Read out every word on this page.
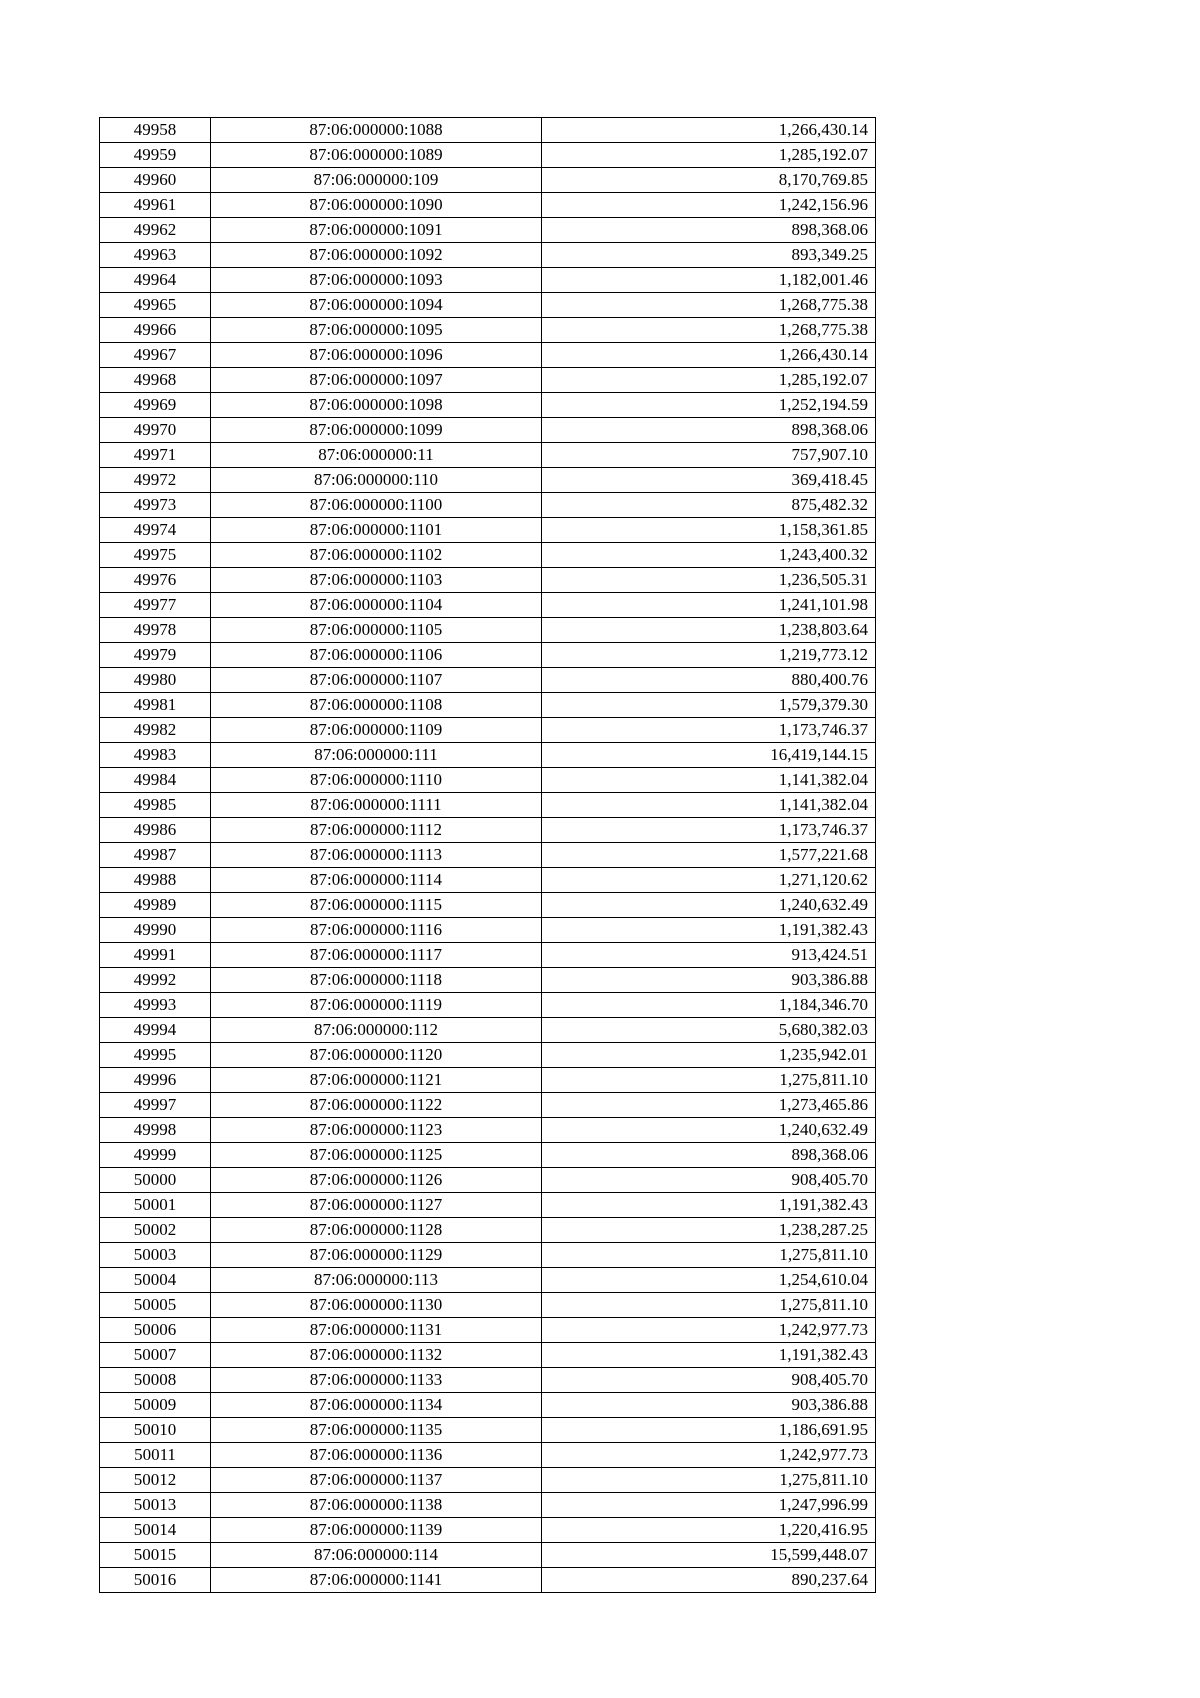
49958	87:06:000000:1088	1,266,430.14
49959	87:06:000000:1089	1,285,192.07
49960	87:06:000000:109	8,170,769.85
49961	87:06:000000:1090	1,242,156.96
49962	87:06:000000:1091	898,368.06
49963	87:06:000000:1092	893,349.25
49964	87:06:000000:1093	1,182,001.46
49965	87:06:000000:1094	1,268,775.38
49966	87:06:000000:1095	1,268,775.38
49967	87:06:000000:1096	1,266,430.14
49968	87:06:000000:1097	1,285,192.07
49969	87:06:000000:1098	1,252,194.59
49970	87:06:000000:1099	898,368.06
49971	87:06:000000:11	757,907.10
49972	87:06:000000:110	369,418.45
49973	87:06:000000:1100	875,482.32
49974	87:06:000000:1101	1,158,361.85
49975	87:06:000000:1102	1,243,400.32
49976	87:06:000000:1103	1,236,505.31
49977	87:06:000000:1104	1,241,101.98
49978	87:06:000000:1105	1,238,803.64
49979	87:06:000000:1106	1,219,773.12
49980	87:06:000000:1107	880,400.76
49981	87:06:000000:1108	1,579,379.30
49982	87:06:000000:1109	1,173,746.37
49983	87:06:000000:111	16,419,144.15
49984	87:06:000000:1110	1,141,382.04
49985	87:06:000000:1111	1,141,382.04
49986	87:06:000000:1112	1,173,746.37
49987	87:06:000000:1113	1,577,221.68
49988	87:06:000000:1114	1,271,120.62
49989	87:06:000000:1115	1,240,632.49
49990	87:06:000000:1116	1,191,382.43
49991	87:06:000000:1117	913,424.51
49992	87:06:000000:1118	903,386.88
49993	87:06:000000:1119	1,184,346.70
49994	87:06:000000:112	5,680,382.03
49995	87:06:000000:1120	1,235,942.01
49996	87:06:000000:1121	1,275,811.10
49997	87:06:000000:1122	1,273,465.86
49998	87:06:000000:1123	1,240,632.49
49999	87:06:000000:1125	898,368.06
50000	87:06:000000:1126	908,405.70
50001	87:06:000000:1127	1,191,382.43
50002	87:06:000000:1128	1,238,287.25
50003	87:06:000000:1129	1,275,811.10
50004	87:06:000000:113	1,254,610.04
50005	87:06:000000:1130	1,275,811.10
50006	87:06:000000:1131	1,242,977.73
50007	87:06:000000:1132	1,191,382.43
50008	87:06:000000:1133	908,405.70
50009	87:06:000000:1134	903,386.88
50010	87:06:000000:1135	1,186,691.95
50011	87:06:000000:1136	1,242,977.73
50012	87:06:000000:1137	1,275,811.10
50013	87:06:000000:1138	1,247,996.99
50014	87:06:000000:1139	1,220,416.95
50015	87:06:000000:114	15,599,448.07
50016	87:06:000000:1141	890,237.64
